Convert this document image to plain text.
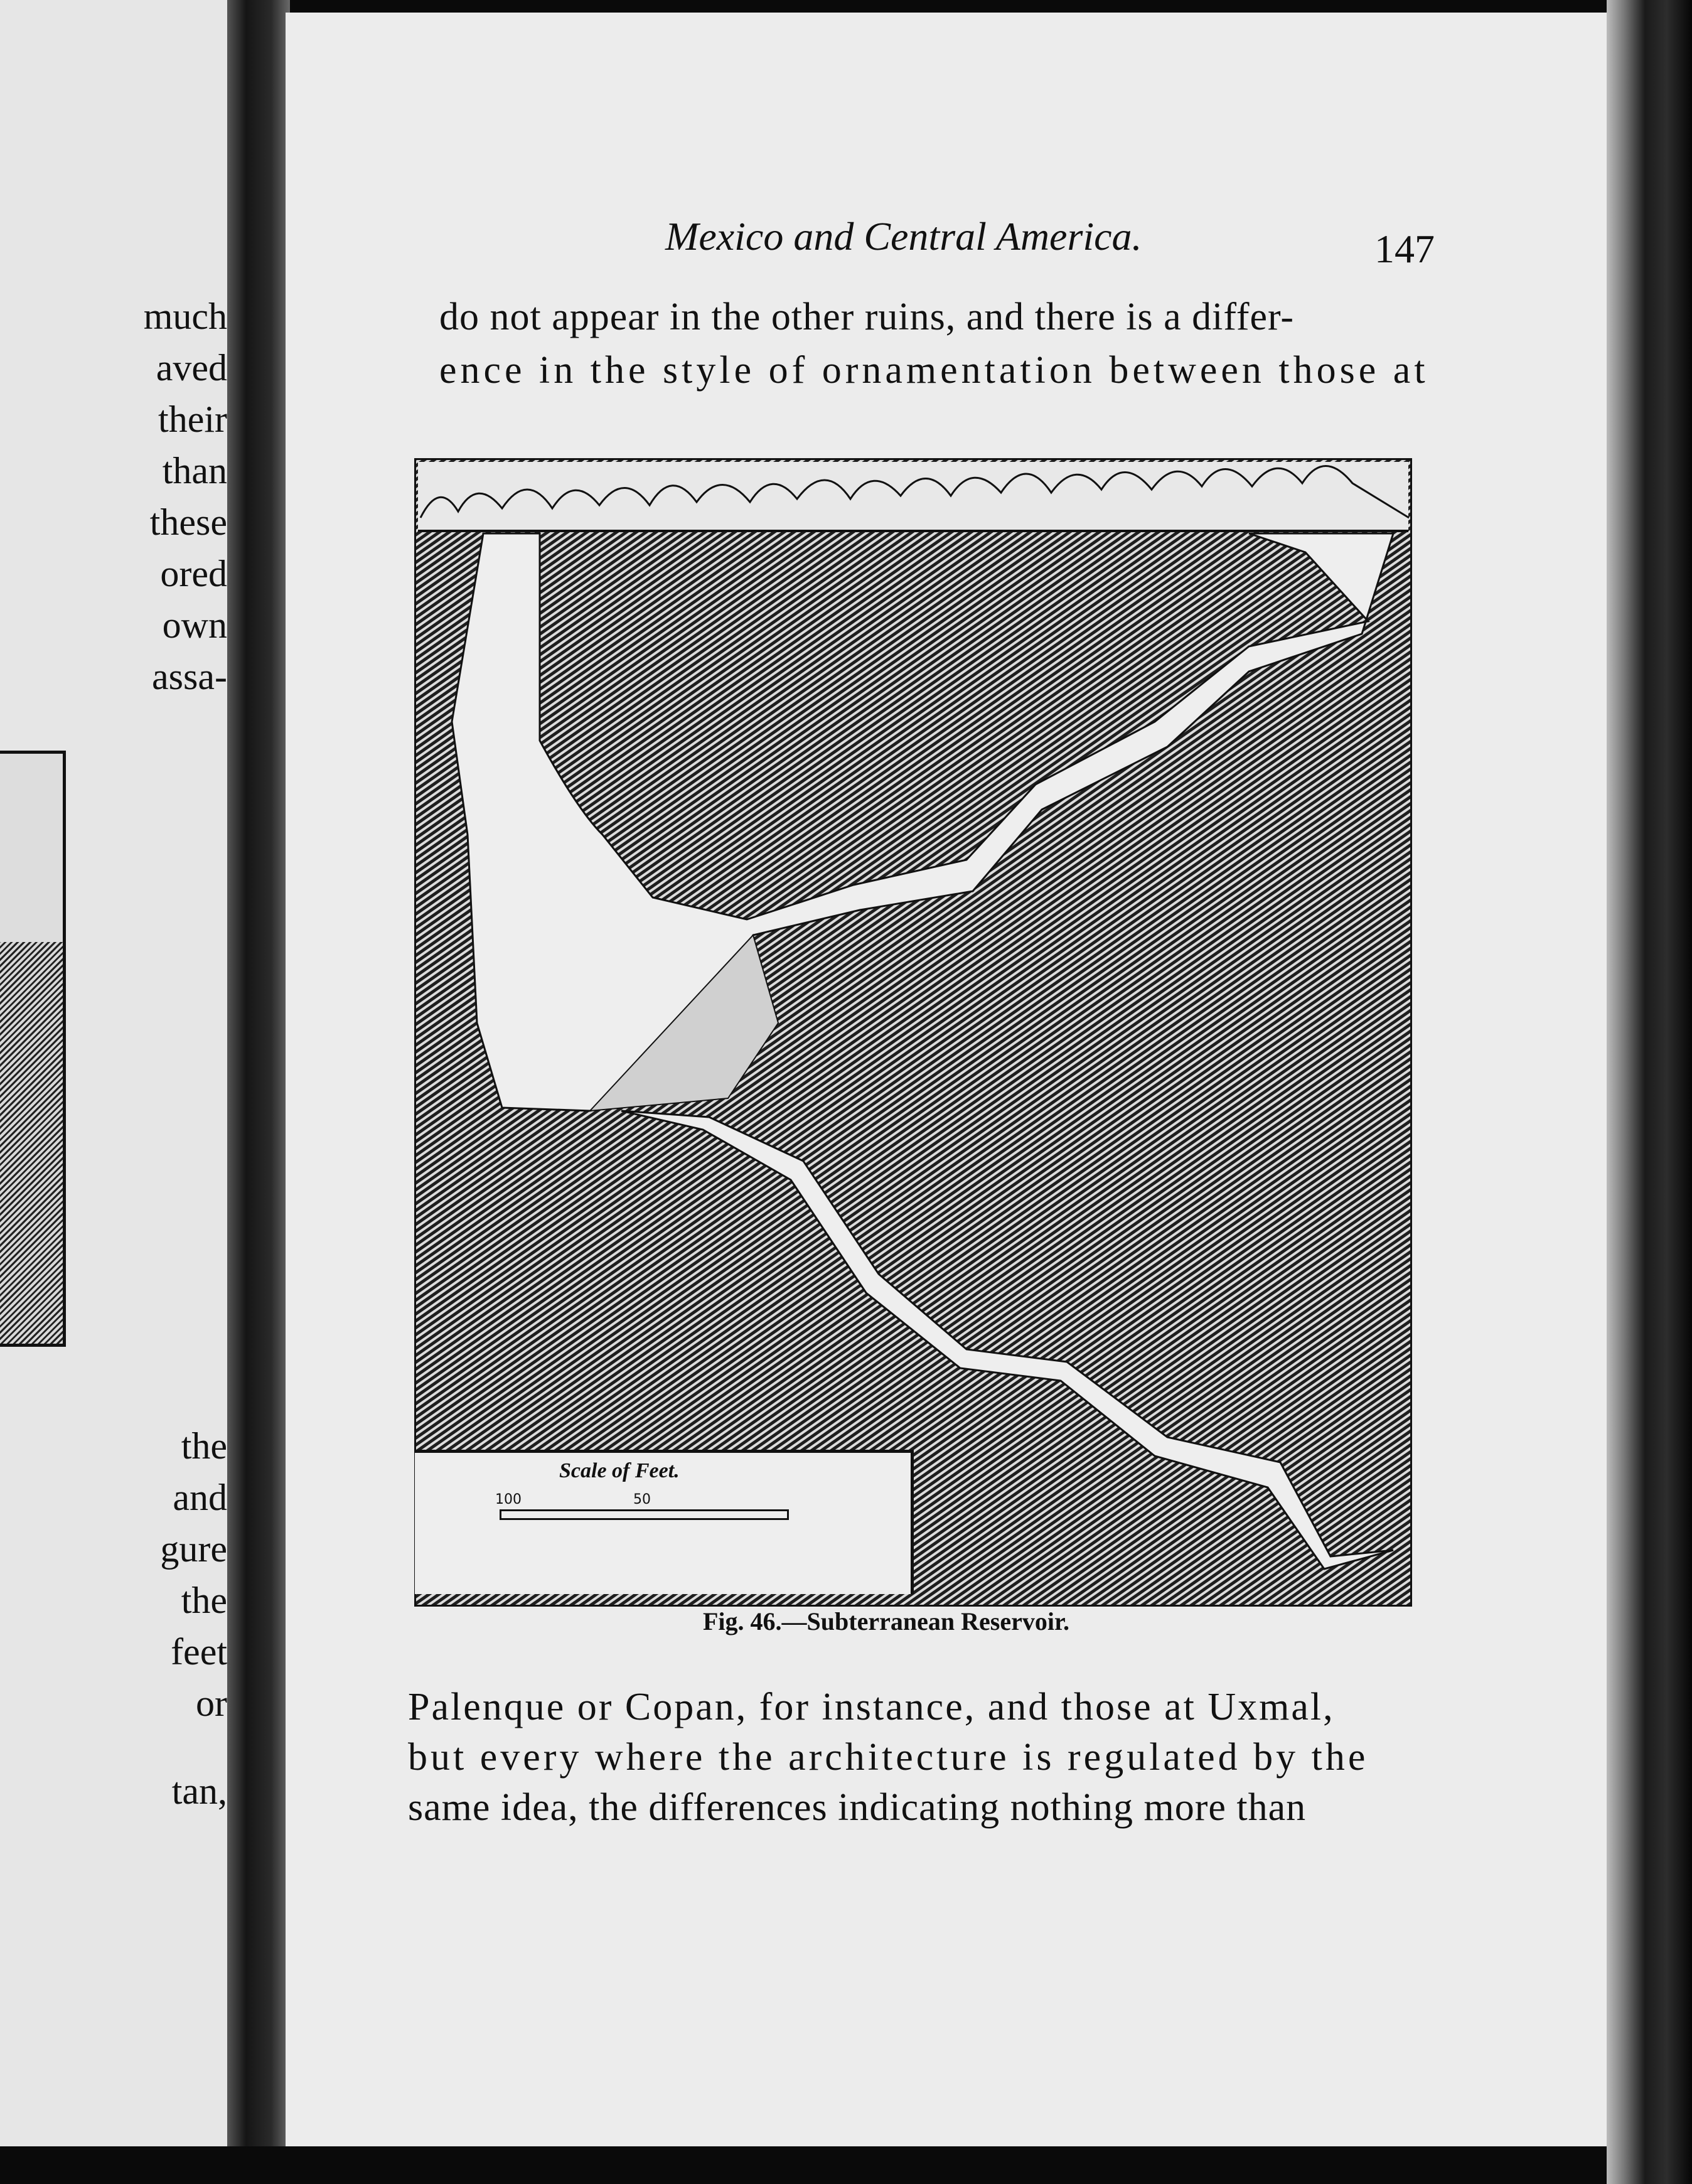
much
aved
their
than
these
ored
own
assa-
the
and
gure
the
feet
or
tan,
Mexico and Central America.	147
do not appear in the other ruins, and there is a differ-
ence in the style of ornamentation between those at
Scale of Feet.
100	50
Fig. 46.—Subterranean Reservoir.
Palenque or Copan, for instance, and those at Uxmal,
but every where the architecture is regulated by the
same idea, the differences indicating nothing more than
